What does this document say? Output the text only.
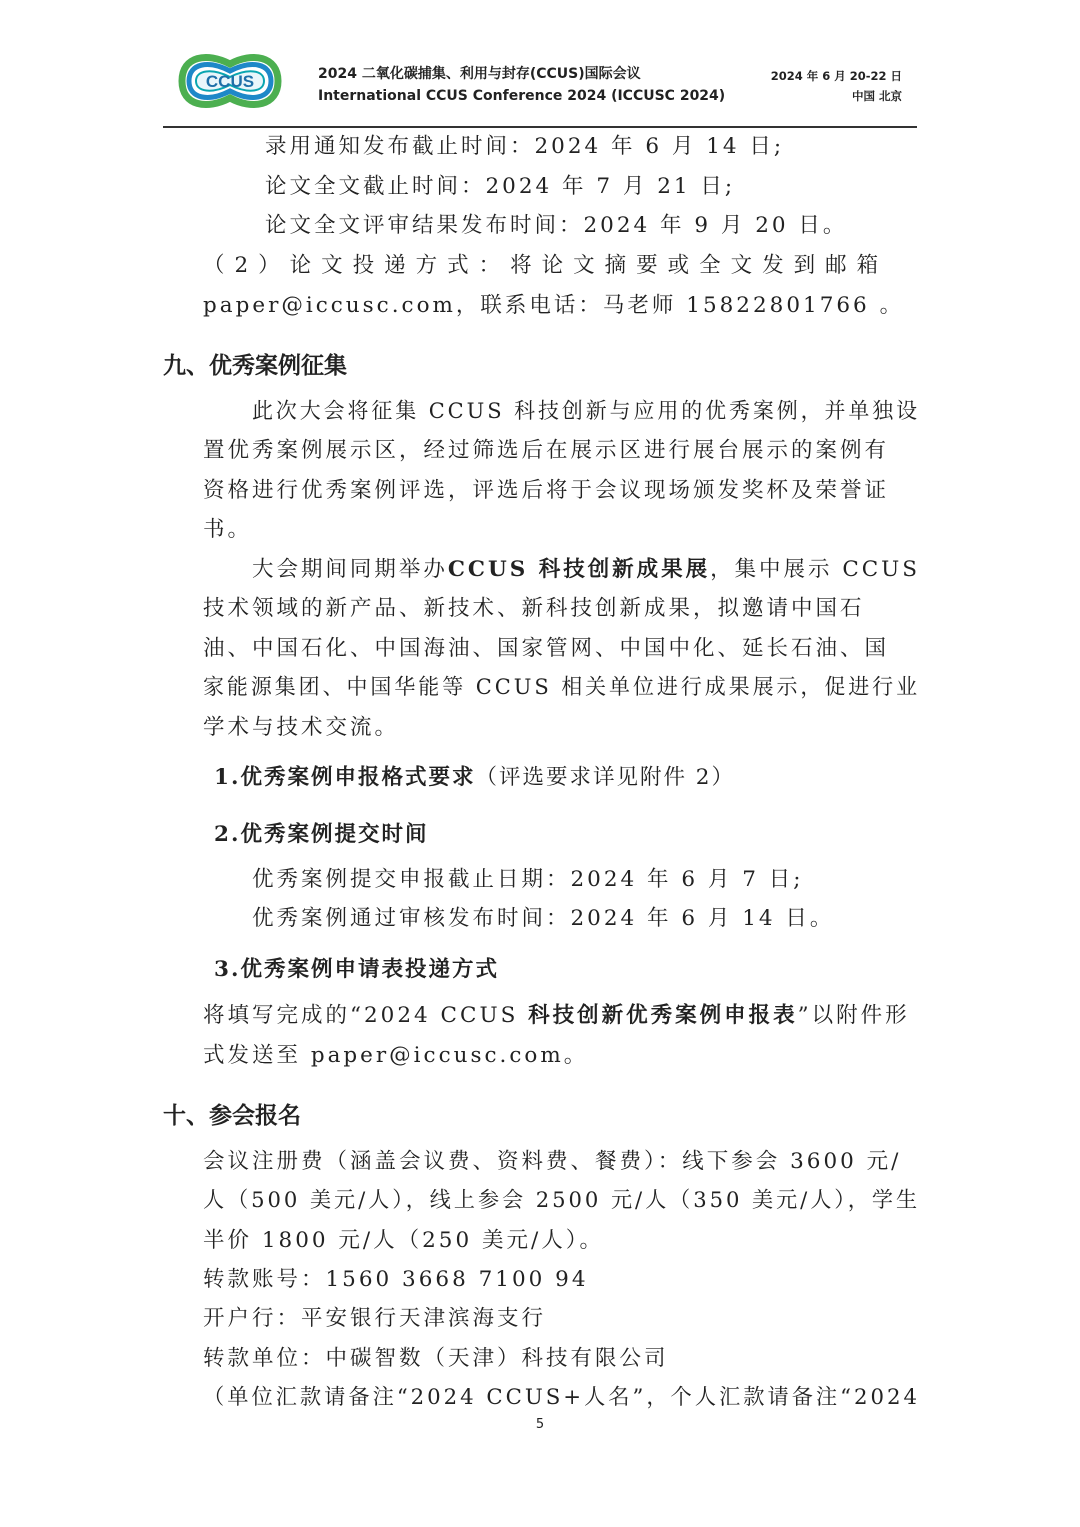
CCUS	2024 二氧化碳捕集、利用与封存(CCUS)国际会议
International CCUS Conference 2024 (ICCUSC 2024)
2024 年 6 月 20-22 日
中国 北京
录用通知发布截止时间：2024 年 6 月 14 日;
论文全文截止时间：2024 年 7 月 21 日;
论文全文评审结果发布时间：2024 年 9 月 20 日。
（2）论文投递方式：将论文摘要或全文发到邮箱
paper@iccusc.com，联系电话：马老师 15822801766 。
九、优秀案例征集
此次大会将征集 CCUS 科技创新与应用的优秀案例，并单独设
置优秀案例展示区，经过筛选后在展示区进行展台展示的案例有
资格进行优秀案例评选，评选后将于会议现场颁发奖杯及荣誉证
书。
大会期间同期举办CCUS 科技创新成果展，集中展示 CCUS
技术领域的新产品、新技术、新科技创新成果，拟邀请中国石
油、中国石化、中国海油、国家管网、中国中化、延长石油、国
家能源集团、中国华能等 CCUS 相关单位进行成果展示，促进行业
学术与技术交流。
1.优秀案例申报格式要求（评选要求详见附件 2）
2.优秀案例提交时间
优秀案例提交申报截止日期：2024 年 6 月 7 日;
优秀案例通过审核发布时间：2024 年 6 月 14 日。
3.优秀案例申请表投递方式
将填写完成的“2024 CCUS 科技创新优秀案例申报表”以附件形
式发送至 paper@iccusc.com。
十、参会报名
会议注册费（涵盖会议费、资料费、餐费）：线下参会 3600 元/
人（500 美元/人），线上参会 2500 元/人（350 美元/人），学生
半价 1800 元/人（250 美元/人）。
转款账号：1560 3668 7100 94
开户行：平安银行天津滨海支行
转款单位：中碳智数（天津）科技有限公司
（单位汇款请备注“2024 CCUS+人名”，个人汇款请备注“2024
5
